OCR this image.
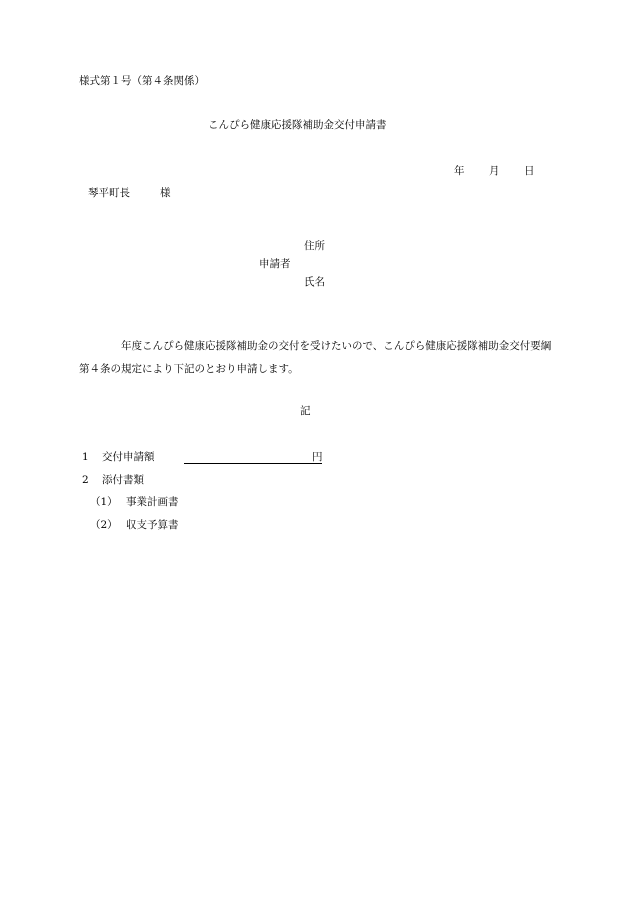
様式第１号（第４条関係）
こんぴら健康応援隊補助金交付申請書
年 月 日
琴平町長	様
住所
申請者
氏名
年度こんぴら健康応援隊補助金の交付を受けたいので、こんぴら健康応援隊補助金交付要綱第４条の規定により下記のとおり申請します。
記
1 交付申請額	円
2 添付書類
（1） 事業計画書
（2） 収支予算書
